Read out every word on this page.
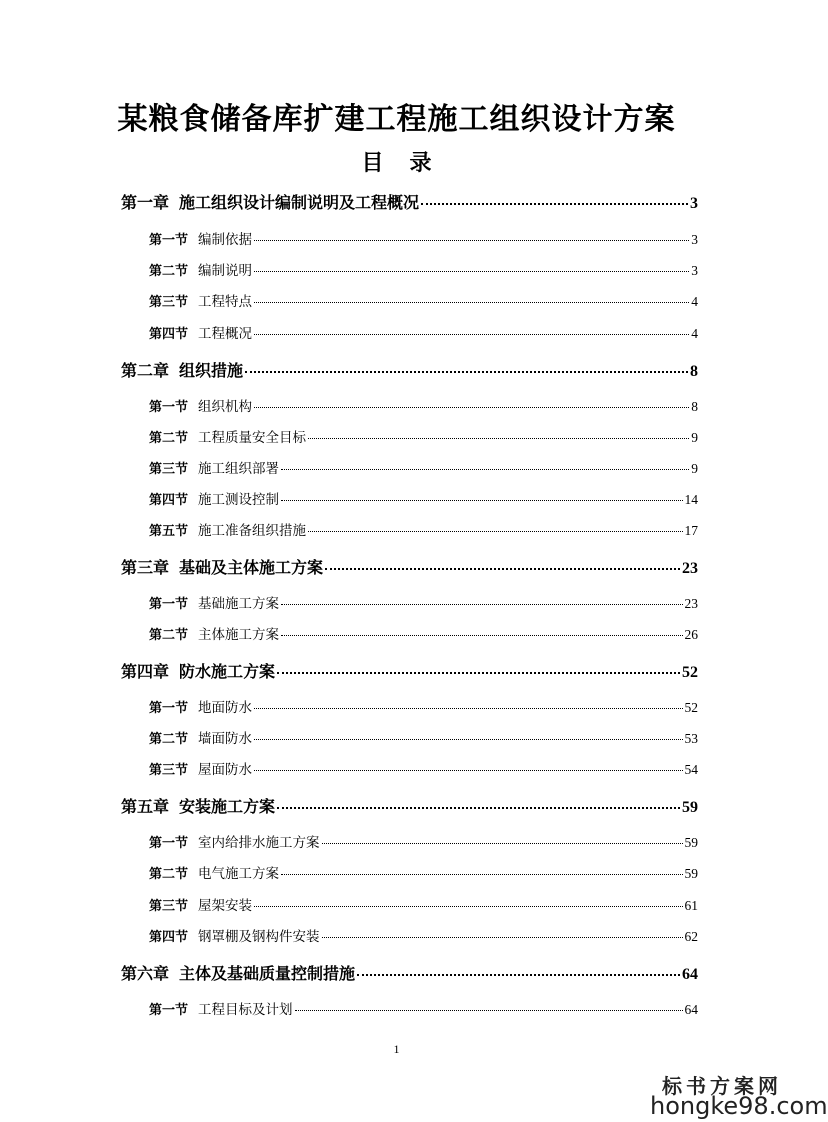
某粮食储备库扩建工程施工组织设计方案
目 录
第一章 施工组织设计编制说明及工程概况	3
第一节 编制依据	3
第二节 编制说明	3
第三节 工程特点	4
第四节 工程概况	4
第二章 组织措施	8
第一节 组织机构	8
第二节 工程质量安全目标	9
第三节 施工组织部署	9
第四节 施工测设控制	14
第五节 施工准备组织措施	17
第三章 基础及主体施工方案	23
第一节 基础施工方案	23
第二节 主体施工方案	26
第四章 防水施工方案	52
第一节 地面防水	52
第二节 墙面防水	53
第三节 屋面防水	54
第五章 安装施工方案	59
第一节 室内给排水施工方案	59
第二节 电气施工方案	59
第三节 屋架安装	61
第四节 钢罩棚及钢构件安装	62
第六章 主体及基础质量控制措施	64
第一节 工程目标及计划	64
1
标书方案网
hongke98.com
